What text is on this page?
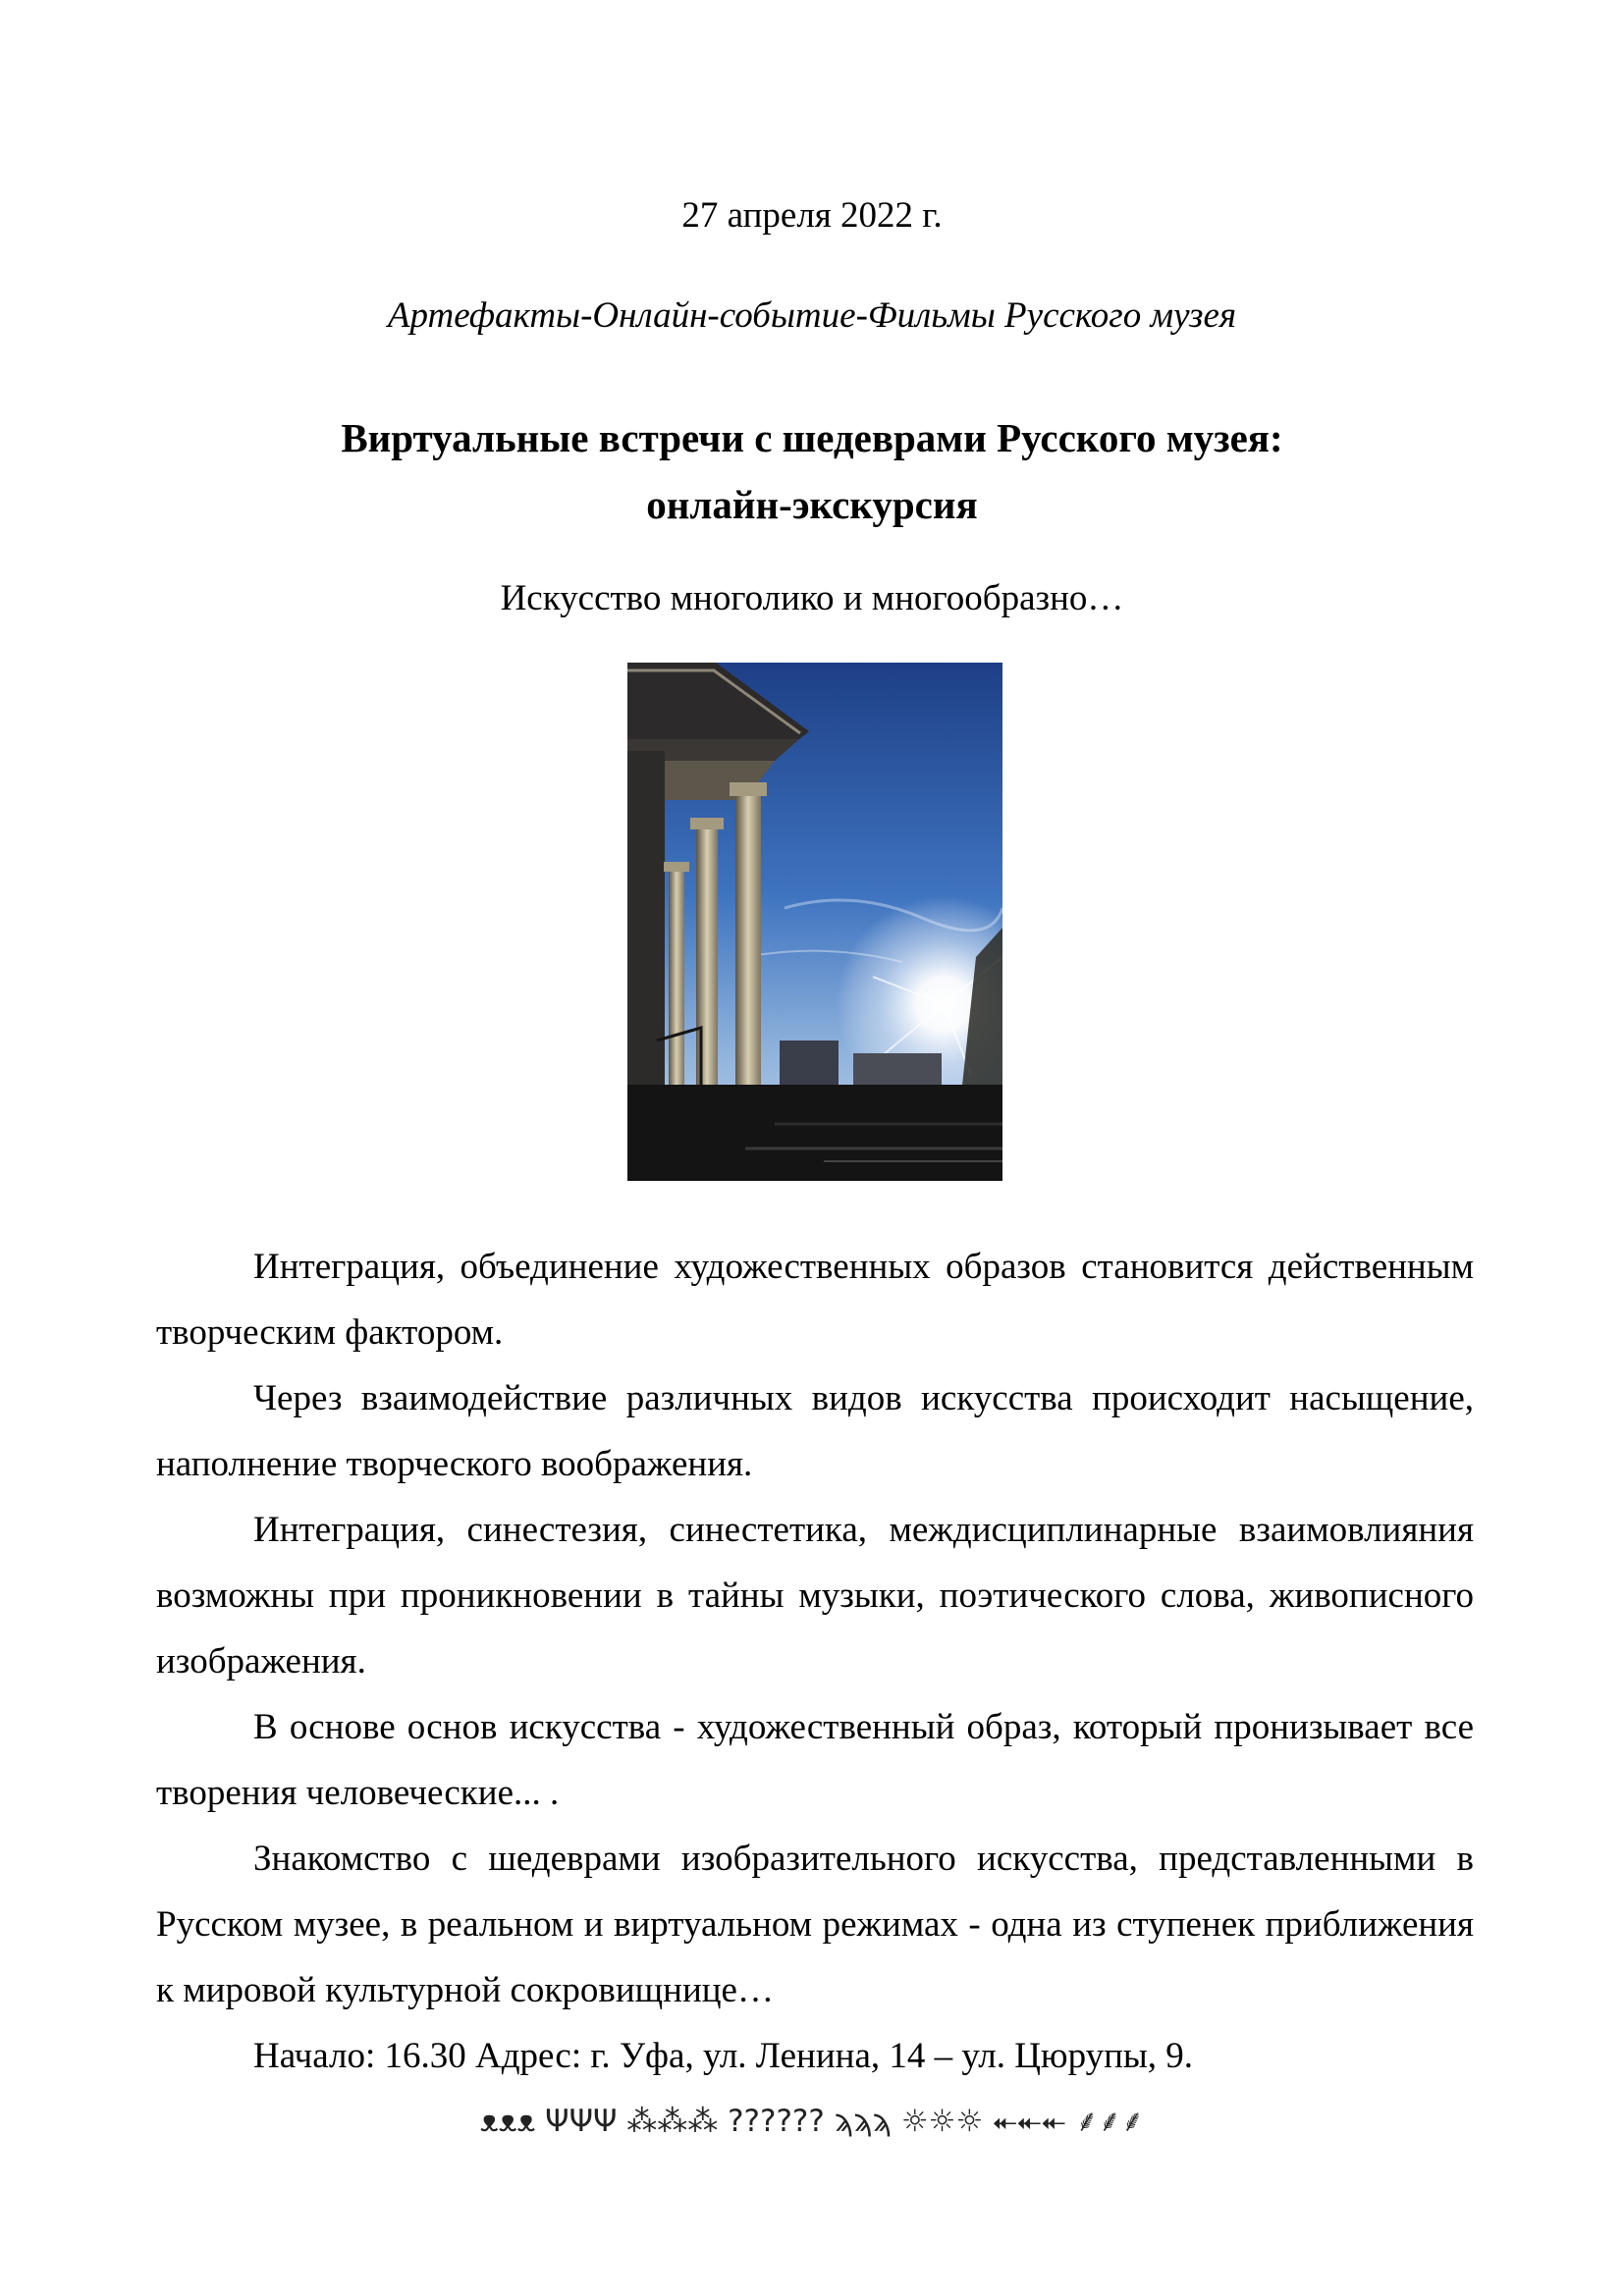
27 апреля 2022 г.
Артефакты-Онлайн-событие-Фильмы Русского музея
Виртуальные встречи с шедеврами Русского музея:
онлайн-экскурсия
Искусство многолико и многообразно…

Интеграция, объединение художественных образов становится действенным творческим фактором.

Через взаимодействие различных видов искусства происходит насыщение, наполнение творческого воображения.

Интеграция, синестезия, синестетика, междисциплинарные взаимовлияния возможны при проникновении в тайны музыки, поэтического слова, живописного изображения.

В основе основ искусства - художественный образ, который пронизывает все творения человеческие... .

Знакомство с шедеврами изобразительного искусства, представленными в Русском музее, в реальном и виртуальном режимах - одна из ступенек приближения к мировой культурной сокровищнице…

Начало: 16.30 Адрес: г. Уфа, ул. Ленина, 14 – ул. Цюрупы, 9.

ᴥᴥᴥ ΨΨΨ ⁂⁂⁂ ?????? ϡϡϡ ☼☼☼ ⯬⯬⯬ ⸙⸙⸙
